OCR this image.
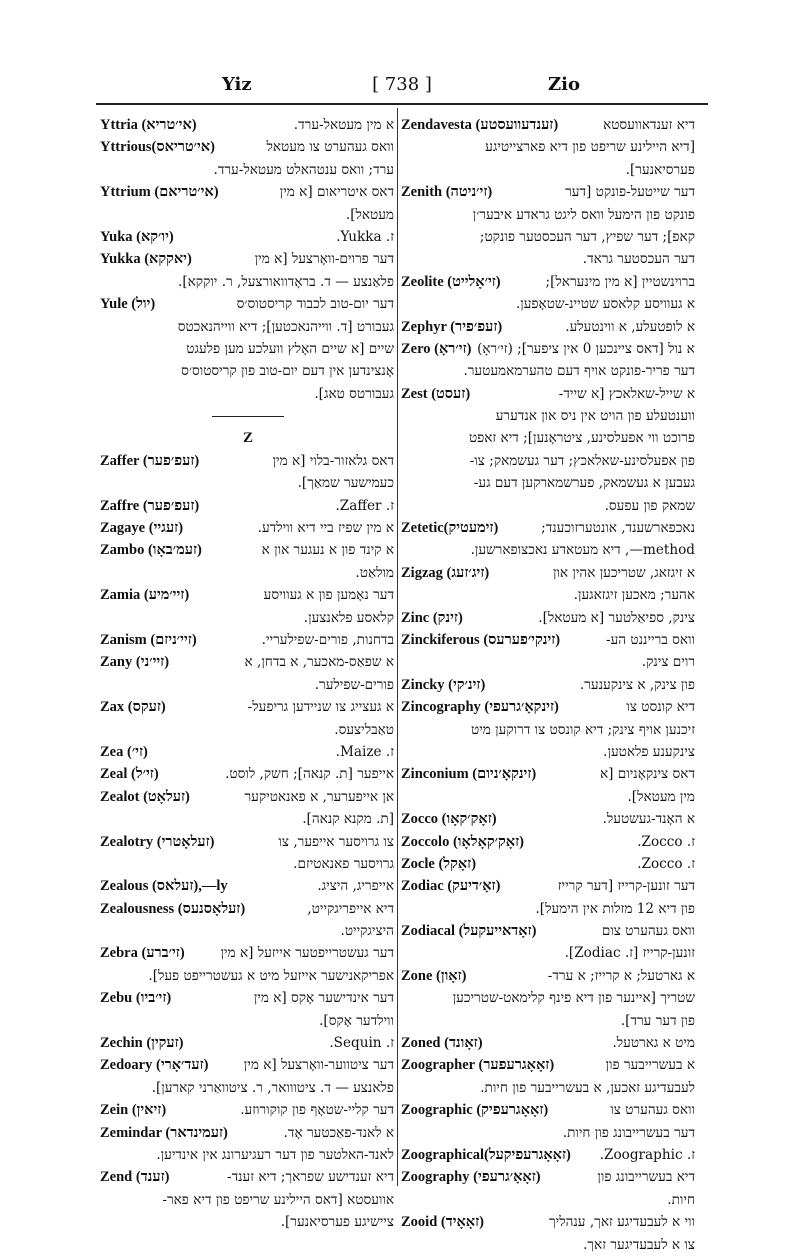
Yiz	[ 738 ]	Zio
Yttria (אי׳טריא)	א מין מעטאל-ערד.
Yttrious(אי׳טריאס)	וואס געהערט צו מעטאל
ערד; וואס ענטהאלט מעטאל-ערד.
Yttrium (אי׳טריאם)	דאס איטריאום [א מין
מעטאל].
Yuka (יו׳קא)	ז. Yukka.
Yukka (יאקקא)	דער פרוים-וואָרצעל [א מין
פלאַנצע — ד. בראָדוואורצעל, ר. יוקקא].
Yule (יול)	דער יום-טוב לכבוד קריסטוס׳ס
געבורט [ד. ווייהנאכטען]; דיא ווייהנאכטס
שיים [א שיים האָלץ וועלכע מען פלעגט
אָנצינדען אין דעם יום-טוב פון קריסטוס׳ס
געבורטס טאג].
Z
Zaffer (זעפ׳פער)	דאס גלאזור-בלוי [א מין
כעמישער שמאַך].
Zaffre (זעפ׳פער)	ז. Zaffer.
Zagaye (זעגיי)	א מין שפיז ביי דיא ווילדע.
Zambo (זעמ׳באָו)	א קינד פון א נעגער און א
מולאַט.
Zamia (זיי׳מיע)	דער נאָמען פון א געוויסע
קלאסע פלאנצען.
Zanism (זיי׳ניזם)	בדחנות, פורים-שפילעריי.
Zany (זיי׳ני)	א שפאַס-מאכער, א בדחן, א
פורים-שפילער.
Zax (זעקס)	א געצייג צו שניידען גריפעל-
טאַבליצעס.
Zea (זי׳)	ז. Maize.
Zeal (זי׳ל)	אייפער [ת. קנאה]; חשק, לוסט.
Zealot (זעלאָט)	אן אייפערער, א פאנאטיקער
[ת. מקנא קנאה].
Zealotry (זעלאָטרי)	צו גרויסער אייפער, צו
גרויסער פאנאטיזם.
Zealous (זעלאס),—ly	אייפריג, היציג.
Zealousness (זעלאָסנעס)	דיא אייפריגקייט,
היציגקייט.
Zebra (זי׳ברע)	דער געשטרייפטער אייזעל [א מין
אפריקאנישער אייזעל מיט א געשטרייפט פעל].
Zebu (זי׳ביו)	דער אינדישער אָקס [א מין
ווילדער אָקס].
Zechin (זעקין)	ז. Sequin.
Zedoary (זעד׳אָרי)	דער ציטווער-וואָרצעל [א מין
פלאנצע — ד. ציטווואר, ר. ציטוואַרני קארען].
Zein (זיאין)	דער קליי-שטאָף פון קוקורוזע.
Zemindar (זעמינדאר)	א לאנד-פאַכטער אָד.
לאנד-האלטער פון דער רעגיערונג אין אינדיען.
Zend (זענד)	דיא זענדישע שפראך; דיא זענד-
אוועסטא [דאס היילינע שריפט פון דיא פאר-
ציישיגע פערסיאנער].
Zendavesta (זענדעוועסטע)	דיא זענדאוועסטא
[דיא היילינע שריפט פון דיא פארצייטיגע
פערסיאנער].
Zenith (זי׳ניטה)	דער שייטעל-פונקט [דער
פונקט פון הימעל וואס ליגט גראדע איבער׳ן
קאפ]; דער שפיץ, דער העכסטער פונקט;
דער העכסטער גראד.
Zeolite (זי׳אָלייט)	ברוינשטיין [א מין מינעראל];
א געוויסע קלאסע שטיינ-שטאָפען.
Zephyr (זעפ׳פיר)	א לופטעלע, א ווינטעלע.
Zero (זי׳ראָ) א נול [דאס ציינכען 0 אין ציפער]; (זי׳ראָ)
דער פריר-פונקט אויף דעם טהערמאמעטער.
Zest (זעסט)	א שייל-שאלאכץ [א שייד-
ווענטעלע פון הויט אין ניס און אנדערע
פרוכט ווי אפעלסינע, ציטראָנען]; דיא זאפט
פון אפעלסינע-שאלאכץ; דער געשמאק; צו-
געבען א געשמאק, פערשמארקען דעם גע-
שמאק פון עפעס.
Zetetic(זימעטיק)	נאכפארשענד, אונטערזוכענד;
method—, דיא מעטאדע נאכצופארשען.
Zigzag (זיג׳זעג)	א זיגזאג, שטריכען אהין און
אהער; מאכען זיגזאגען.
Zinc (זינק)	צינק, ספיאַלטער [א מעטאל].
Zinckiferous (זינקי׳פערעס)	וואס ברייננט הע-
רוים צינק.
Zincky (זינ׳קי)	פון צינק, א צינקענער.
Zincography (זינקאָ׳גרעפי)	דיא קונסט צו
זיכנען אויף צינק; דיא קונסט צו דרוקען מיט
צינקענע פלאטען.
Zinconium (זינקאָ׳ניום)	דאס צינקאָניום [א
מין מעטאל].
Zocco (זאָק׳קאָו)	א האָנד-געשטעל.
Zoccolo (זאָק׳קאָלאָו)	ז. Zocco.
Zocle (זאָקל)	ז. Zocco.
Zodiac (זאָ׳דיעק)	דער זונען-קרייז [דער קרייז
פון דיא 12 מזלות אין הימעל].
Zodiacal (זאָדאייעקעל)	וואס געהערט צום
זונען-קרייז [ז. Zodiac].
Zone (זאָון)	א גארטעל; א קרייז; א ערד-
שטריך [איינער פון דיא פינף קלימאט-שטריכען
פון דער ערד].
Zoned (זאָונד)	מיט א גארטעל.
Zoographer (זאָאָגרעפער)	א בעשרייבער פון
לעבעדיגע זאכען, א בעשרייבער פון חיות.
Zoographic (זאָאָגרעפיק)	וואס געהערט צו
דער בעשרייבונג פון חיות.
Zoographical(זאָאָגרעפיקעל) ז. Zoographic.
Zoography (זאָאָ׳גרעפי)	דיא בעשרייבונג פון
חיות.
Zooid (זאָאָיד)	ווי א לעבעדיגע זאך, ענהליך
צו א לעבעדיגער זאך.
